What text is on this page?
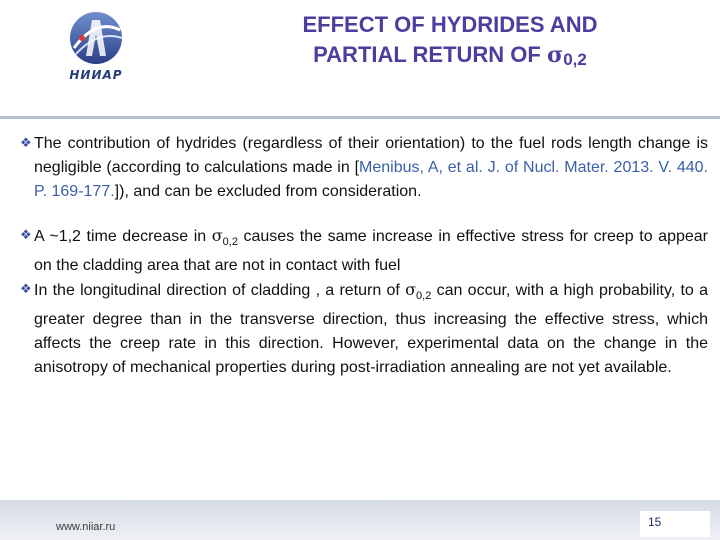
НИИАР
EFFECT OF HYDRIDES AND
PARTIAL RETURN OF $\sigma_{0,2}$
❖ The contribution of hydrides (regardless of their orientation) to the fuel rods length change is negligible (according to calculations made in [Menibus, A, et al. J. of Nucl. Mater. 2013. V. 440. P. 169-177.]), and can be excluded from consideration.
❖ A ~1,2 time decrease in $\sigma_{0,2}$ causes the same increase in effective stress for creep to appear on the cladding area that are not in contact with fuel
❖ In the longitudinal direction of cladding , a return of $\sigma_{0,2}$ can occur, with a high probability, to a greater degree than in the transverse direction, thus increasing the effective stress, which affects the creep rate in this direction. However, experimental data on the change in the anisotropy of mechanical properties during post-irradiation annealing are not yet available.
www.niiar.ru	15
